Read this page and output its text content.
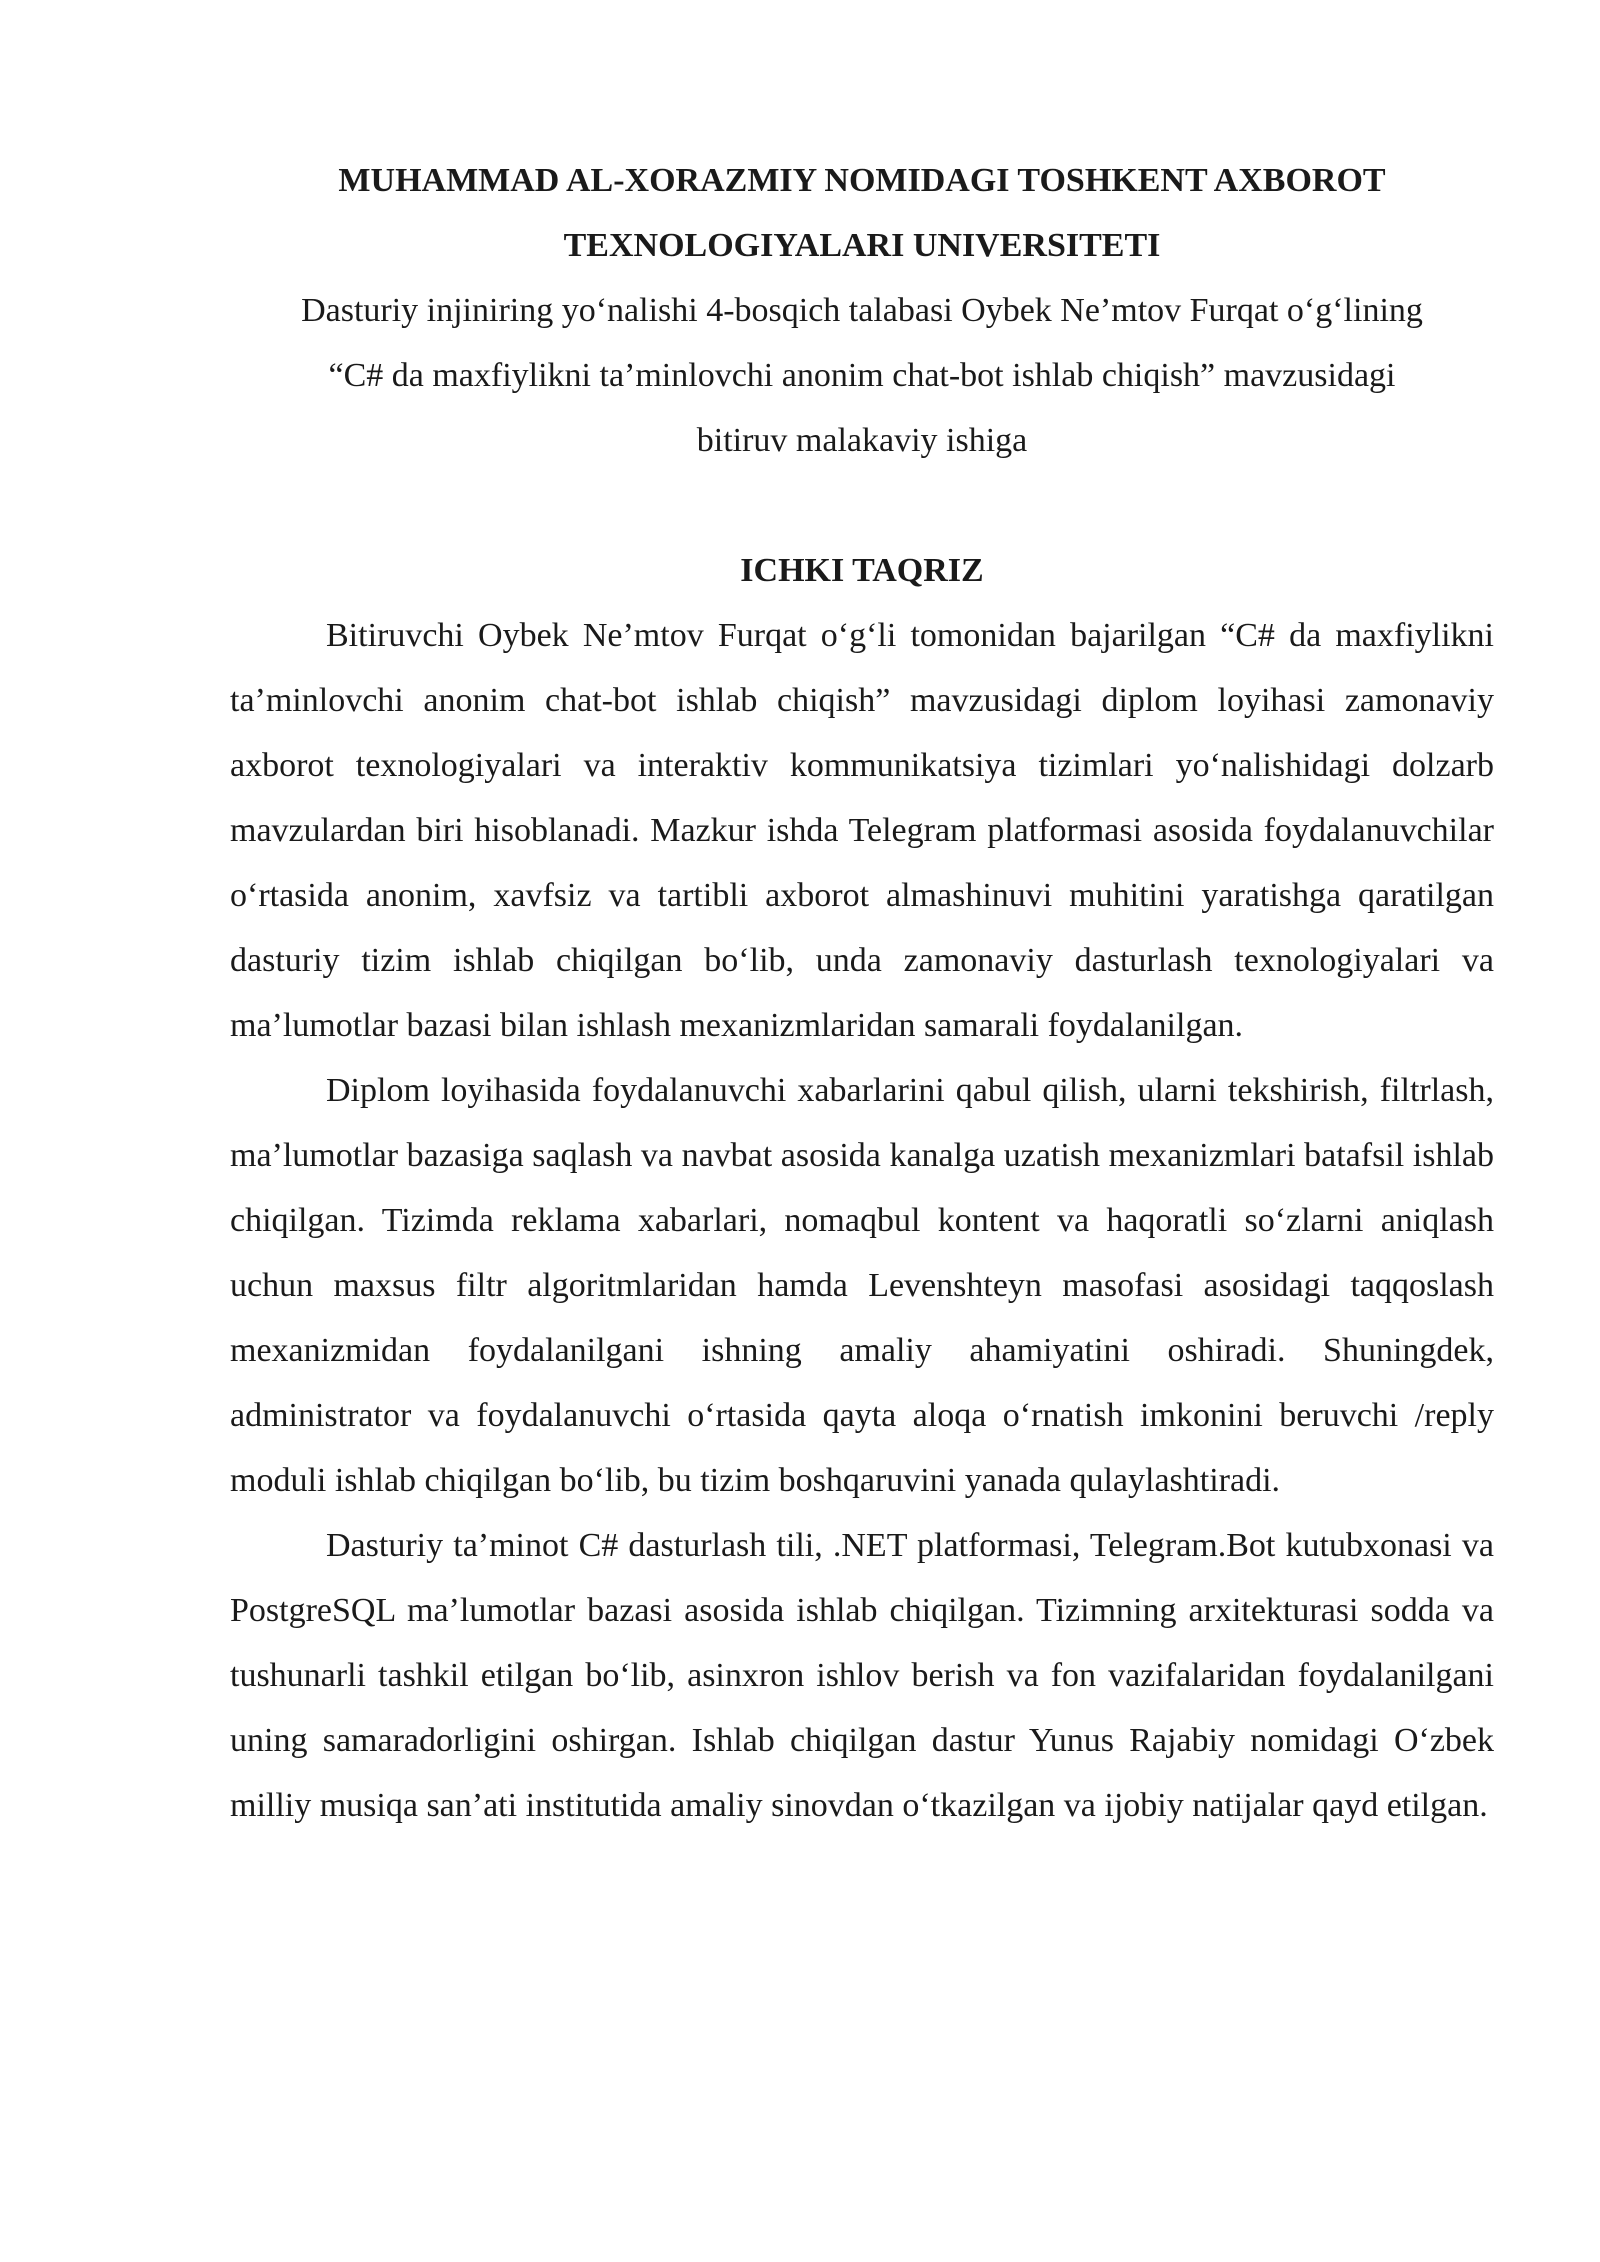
MUHAMMAD AL-XORAZMIY NOMIDAGI TOSHKENT AXBOROT

TEXNOLOGIYALARI UNIVERSITETI

Dasturiy injiniring yo‘nalishi 4-bosqich talabasi Oybek Ne’mtov Furqat o‘g‘lining

“C# da maxfiylikni ta’minlovchi anonim chat-bot ishlab chiqish” mavzusidagi

bitiruv malakaviy ishiga

ICHKI TAQRIZ

Bitiruvchi Oybek Ne’mtov Furqat o‘g‘li tomonidan bajarilgan “C# da maxfiylikni ta’minlovchi anonim chat-bot ishlab chiqish” mavzusidagi diplom loyihasi zamonaviy axborot texnologiyalari va interaktiv kommunikatsiya tizimlari yo‘nalishidagi dolzarb mavzulardan biri hisoblanadi. Mazkur ishda Telegram platformasi asosida foydalanuvchilar o‘rtasida anonim, xavfsiz va tartibli axborot almashinuvi muhitini yaratishga qaratilgan dasturiy tizim ishlab chiqilgan bo‘lib, unda zamonaviy dasturlash texnologiyalari va ma’lumotlar bazasi bilan ishlash mexanizmlaridan samarali foydalanilgan.

Diplom loyihasida foydalanuvchi xabarlarini qabul qilish, ularni tekshirish, filtrlash, ma’lumotlar bazasiga saqlash va navbat asosida kanalga uzatish mexanizmlari batafsil ishlab chiqilgan. Tizimda reklama xabarlari, nomaqbul kontent va haqoratli so‘zlarni aniqlash uchun maxsus filtr algoritmlaridan hamda Levenshteyn masofasi asosidagi taqqoslash mexanizmidan foydalanilgani ishning amaliy ahamiyatini oshiradi. Shuningdek, administrator va foydalanuvchi o‘rtasida qayta aloqa o‘rnatish imkonini beruvchi /reply moduli ishlab chiqilgan bo‘lib, bu tizim boshqaruvini yanada qulaylashtiradi.

Dasturiy ta’minot C# dasturlash tili, .NET platformasi, Telegram.Bot kutubxonasi va PostgreSQL ma’lumotlar bazasi asosida ishlab chiqilgan. Tizimning arxitekturasi sodda va tushunarli tashkil etilgan bo‘lib, asinxron ishlov berish va fon vazifalaridan foydalanilgani uning samaradorligini oshirgan. Ishlab chiqilgan dastur Yunus Rajabiy nomidagi O‘zbek milliy musiqa san’ati institutida amaliy sinovdan o‘tkazilgan va ijobiy natijalar qayd etilgan.
